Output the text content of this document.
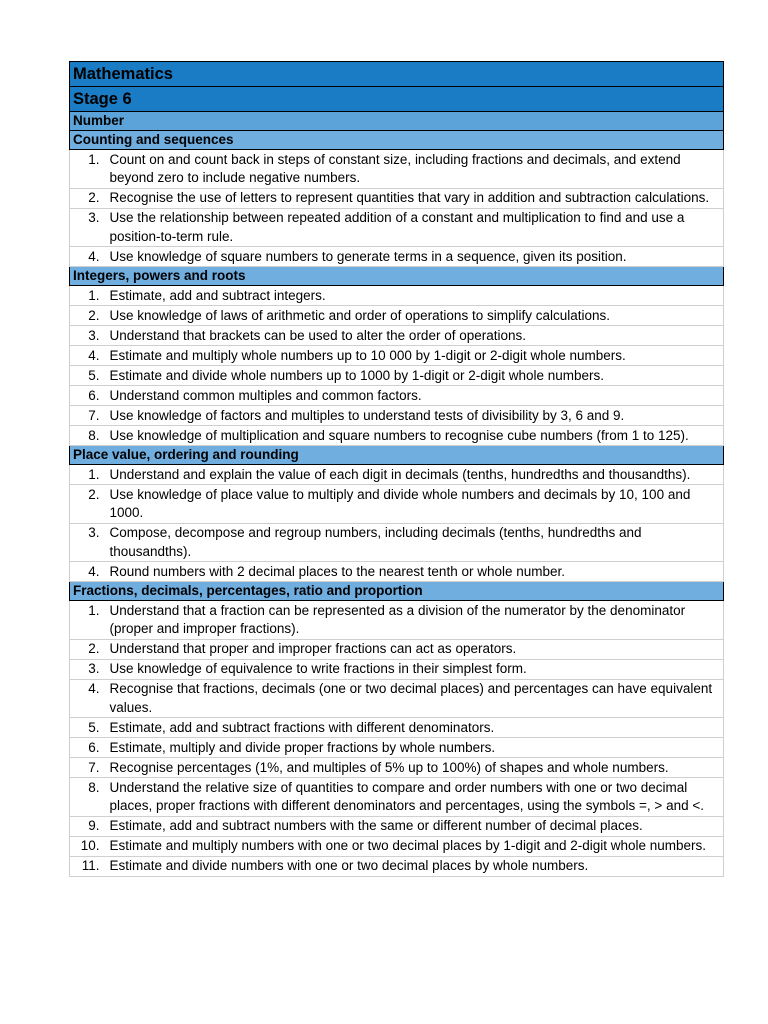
Mathematics	
Stage 6	
Number	
Counting and sequences	
1.	Count on and count back in steps of constant size, including fractions and decimals, and extend beyond zero to include negative numbers.
2.	Recognise the use of letters to represent quantities that vary in addition and subtraction calculations.
3.	Use the relationship between repeated addition of a constant and multiplication to find and use a position-to-term rule.
4.	Use knowledge of square numbers to generate terms in a sequence, given its position.
Integers, powers and roots	
1.	Estimate, add and subtract integers.
2.	Use knowledge of laws of arithmetic and order of operations to simplify calculations.
3.	Understand that brackets can be used to alter the order of operations.
4.	Estimate and multiply whole numbers up to 10 000 by 1-digit or 2-digit whole numbers.
5.	Estimate and divide whole numbers up to 1000 by 1-digit or 2-digit whole numbers.
6.	Understand common multiples and common factors.
7.	Use knowledge of factors and multiples to understand tests of divisibility by 3, 6 and 9.
8.	Use knowledge of multiplication and square numbers to recognise cube numbers (from 1 to 125).
Place value, ordering and rounding	
1.	Understand and explain the value of each digit in decimals (tenths, hundredths and thousandths).
2.	Use knowledge of place value to multiply and divide whole numbers and decimals by 10, 100 and 1000.
3.	Compose, decompose and regroup numbers, including decimals (tenths, hundredths and thousandths).
4.	Round numbers with 2 decimal places to the nearest tenth or whole number.
Fractions, decimals, percentages, ratio and proportion	
1.	Understand that a fraction can be represented as a division of the numerator by the denominator (proper and improper fractions).
2.	Understand that proper and improper fractions can act as operators.
3.	Use knowledge of equivalence to write fractions in their simplest form.
4.	Recognise that fractions, decimals (one or two decimal places) and percentages can have equivalent values.
5.	Estimate, add and subtract fractions with different denominators.
6.	Estimate, multiply and divide proper fractions by whole numbers.
7.	Recognise percentages (1%, and multiples of 5% up to 100%) of shapes and whole numbers.
8.	Understand the relative size of quantities to compare and order numbers with one or two decimal places, proper fractions with different denominators and percentages, using the symbols =, > and <.
9.	Estimate, add and subtract numbers with the same or different number of decimal places.
10.	Estimate and multiply numbers with one or two decimal places by 1-digit and 2-digit whole numbers.
11.	Estimate and divide numbers with one or two decimal places by whole numbers.
